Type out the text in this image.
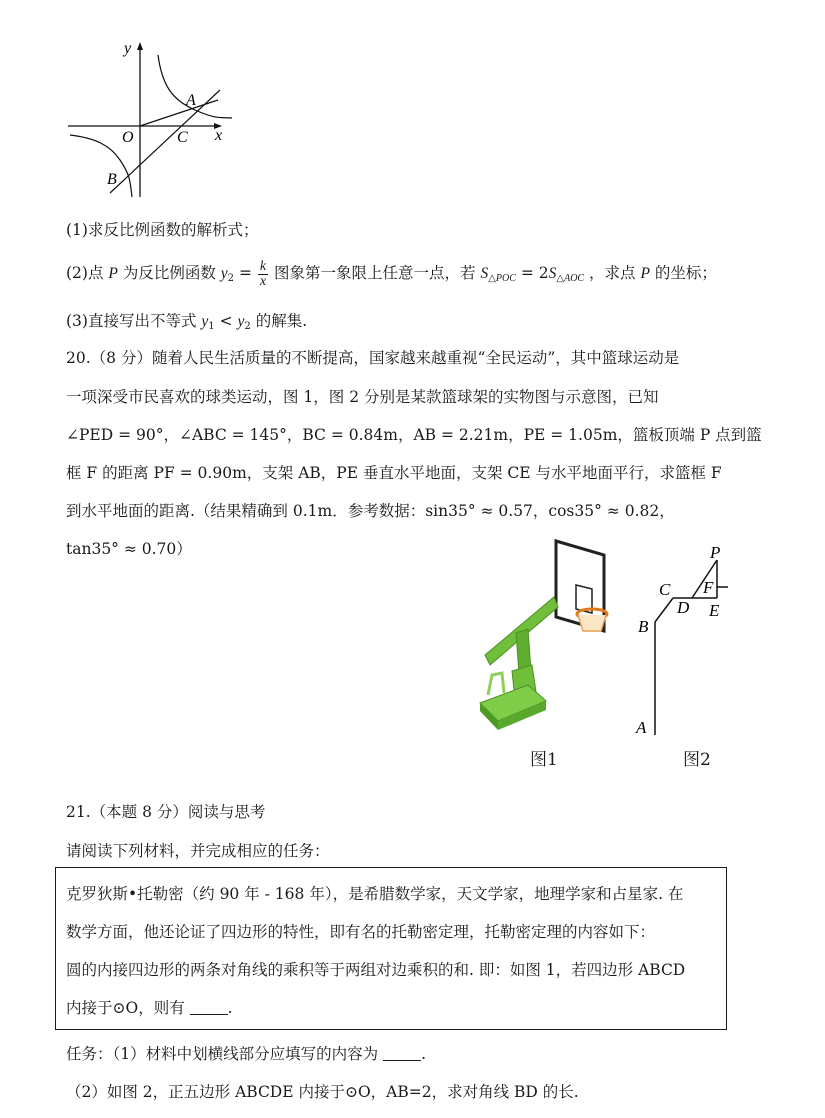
y
x
O
A
B
C
(1)求反比例函数的解析式；
(2)点 P 为反比例函数 $y_2 = \frac{k}{x}$ 图象第一象限上任意一点，若 $S_{\triangle POC} = 2S_{\triangle AOC}$ ，求点 P 的坐标；
(3)直接写出不等式 $y_1 < y_2$ 的解集.
20.（8 分）随着人民生活质量的不断提高，国家越来越重视“全民运动”，其中篮球运动是
一项深受市民喜欢的球类运动，图 1，图 2 分别是某款篮球架的实物图与示意图，已知
∠PED = 90°，∠ABC = 145°，BC = 0.84m，AB = 2.21m，PE = 1.05m，篮板顶端 P 点到篮
框 F 的距离 PF = 0.90m，支架 AB，PE 垂直水平地面，支架 CE 与水平地面平行，求篮框 F
到水平地面的距离.（结果精确到 0.1m．参考数据：sin35° ≈ 0.57，cos35° ≈ 0.82，
tan35° ≈ 0.70）	P
C F
D E
B
A
图1	图2
21.（本题 8 分）阅读与思考
请阅读下列材料，并完成相应的任务：
克罗狄斯•托勒密（约 90 年 - 168 年），是希腊数学家，天文学家，地理学家和占星家. 在
数学方面，他还论证了四边形的特性，即有名的托勒密定理，托勒密定理的内容如下：
圆的内接四边形的两条对角线的乘积等于两组对边乘积的和. 即：如图 1，若四边形 ABCD
内接于⊙O，则有	.
任务：（1）材料中划横线部分应填写的内容为	.
（2）如图 2，正五边形 ABCDE 内接于⊙O，AB=2，求对角线 BD 的长.
